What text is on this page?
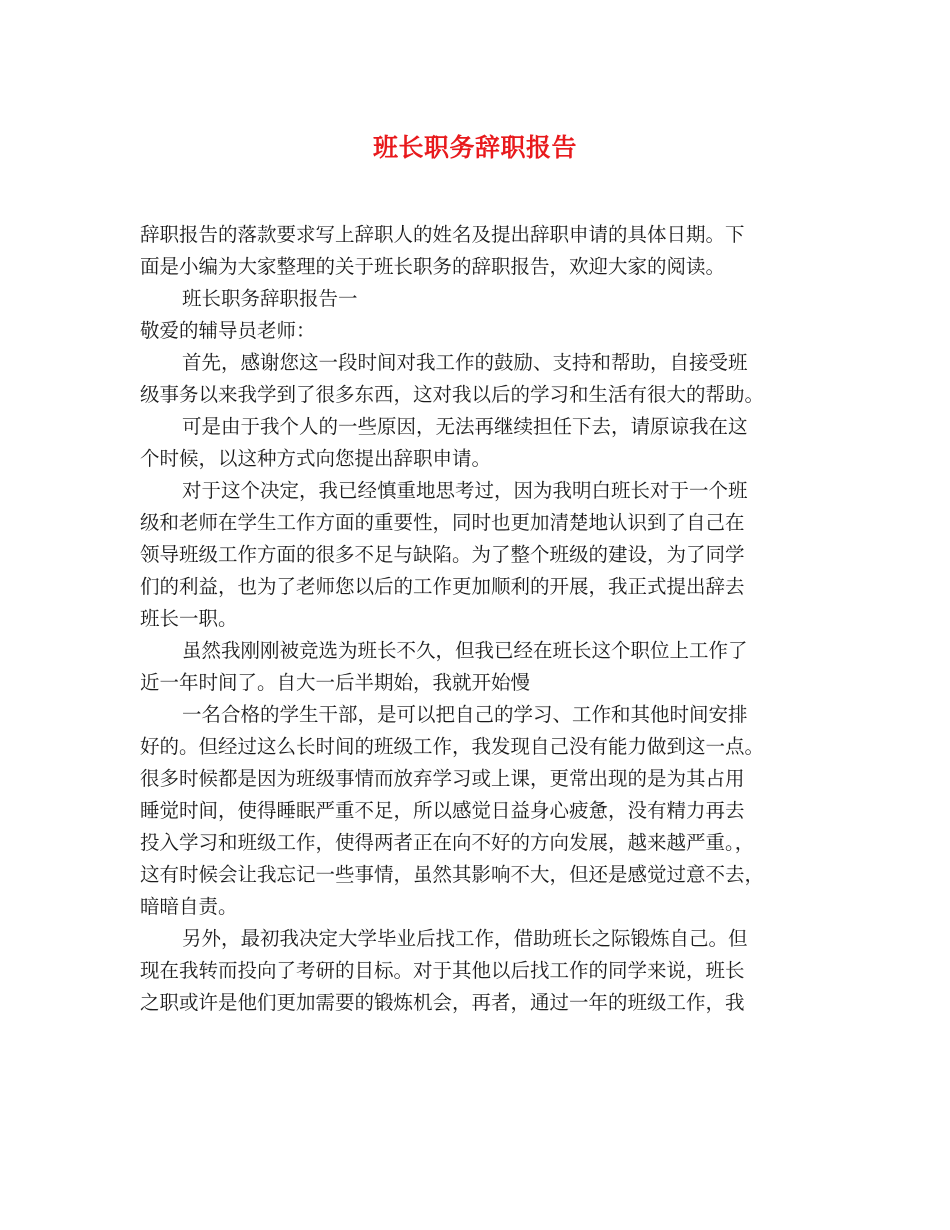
班长职务辞职报告
辞职报告的落款要求写上辞职人的姓名及提出辞职申请的具体日期。下
面是小编为大家整理的关于班长职务的辞职报告，欢迎大家的阅读。
班长职务辞职报告一
敬爱的辅导员老师：
首先，感谢您这一段时间对我工作的鼓励、支持和帮助，自接受班
级事务以来我学到了很多东西，这对我以后的学习和生活有很大的帮助。
可是由于我个人的一些原因，无法再继续担任下去，请原谅我在这
个时候，以这种方式向您提出辞职申请。
对于这个决定，我已经慎重地思考过，因为我明白班长对于一个班
级和老师在学生工作方面的重要性，同时也更加清楚地认识到了自己在
领导班级工作方面的很多不足与缺陷。为了整个班级的建设，为了同学
们的利益，也为了老师您以后的工作更加顺利的开展，我正式提出辞去
班长一职。
虽然我刚刚被竞选为班长不久，但我已经在班长这个职位上工作了
近一年时间了。自大一后半期始，我就开始慢
一名合格的学生干部，是可以把自己的学习、工作和其他时间安排
好的。但经过这么长时间的班级工作，我发现自己没有能力做到这一点。
很多时候都是因为班级事情而放弃学习或上课，更常出现的是为其占用
睡觉时间，使得睡眠严重不足，所以感觉日益身心疲惫，没有精力再去
投入学习和班级工作，使得两者正在向不好的方向发展，越来越严重。，
这有时候会让我忘记一些事情，虽然其影响不大，但还是感觉过意不去，
暗暗自责。
另外，最初我决定大学毕业后找工作，借助班长之际锻炼自己。但
现在我转而投向了考研的目标。对于其他以后找工作的同学来说，班长
之职或许是他们更加需要的锻炼机会，再者，通过一年的班级工作，我
